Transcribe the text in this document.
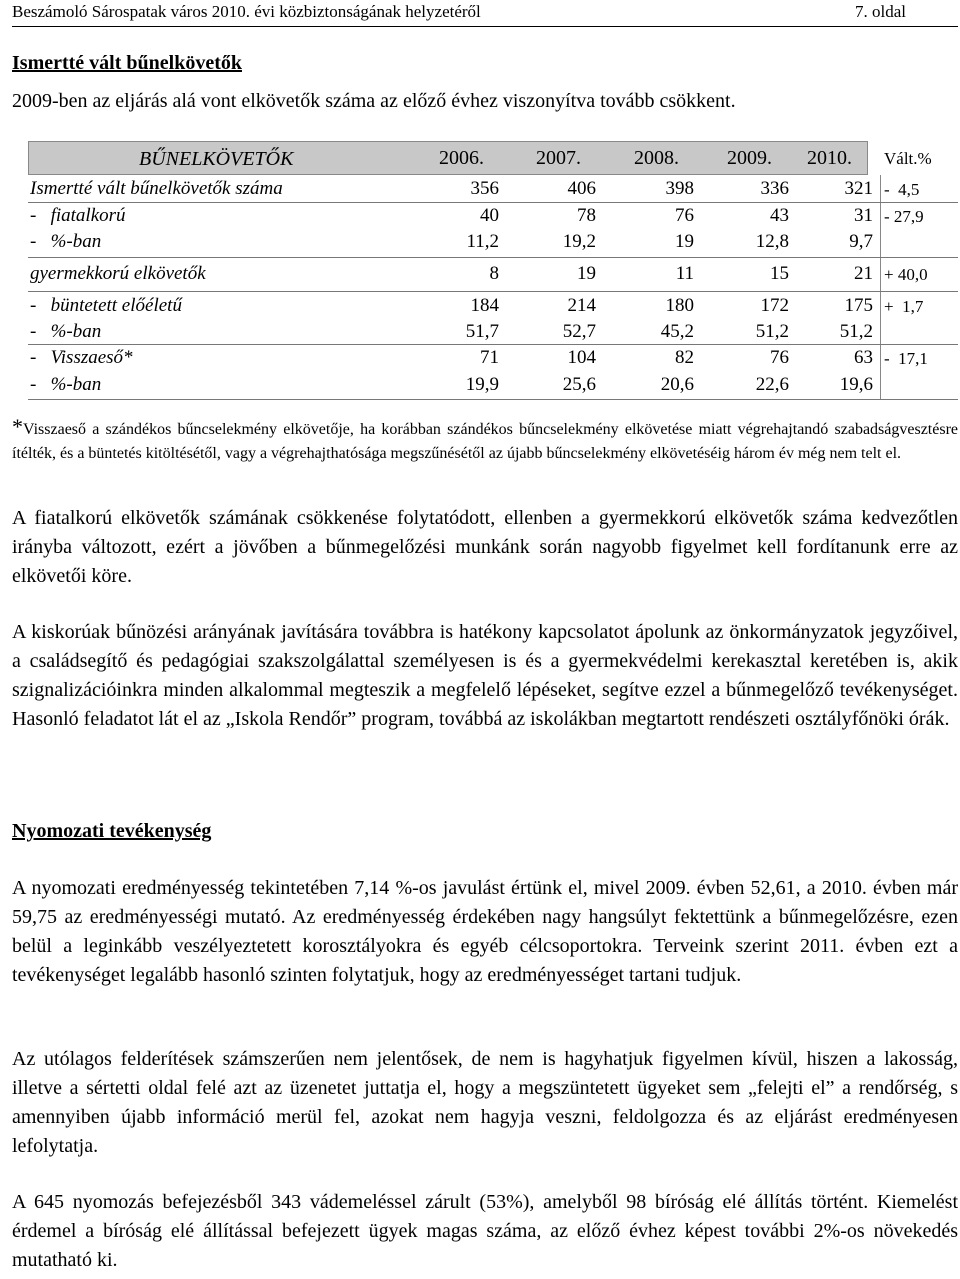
Beszámoló Sárospatak város 2010. évi közbiztonságának helyzetéről	7. oldal
Ismertté vált bűnelkövetők
2009-ben az eljárás alá vont elkövetők száma az előző évhez viszonyítva tovább csökkent.
BŰNELKÖVETŐK	2006.	2007.	2008. 2009. 2010. Vált.%
Ismertté vált bűnelkövetők száma	356	406	398	336	321 -  4,5
-   fiatalkorú	40	78	76	43	31 - 27,9
-   %-ban	11,2	19,2	19	12,8	9,7
gyermekkorú elkövetők	8	19	11	15	21 + 40,0
-   büntetett előéletű	184	214	180	172	175 +  1,7
-   %-ban	51,7	52,7	45,2	51,2	51,2
-   Visszaeső*	71	104	82	76	63 -  17,1
-   %-ban	19,9	25,6	20,6	22,6	19,6
*Visszaeső a szándékos bűncselekmény elkövetője, ha korábban szándékos bűncselekmény elkövetése miatt végrehajtandó szabadságvesztésre ítélték, és a büntetés kitöltésétől, vagy a végrehajthatósága megszűnésétől az újabb bűncselekmény elkövetéséig három év még nem telt el.
A fiatalkorú elkövetők számának csökkenése folytatódott, ellenben a gyermekkorú elkövetők száma kedvezőtlen irányba változott, ezért a jövőben a bűnmegelőzési munkánk során nagyobb figyelmet kell fordítanunk erre az elkövetői köre.
A kiskorúak bűnözési arányának javítására továbbra is hatékony kapcsolatot ápolunk az önkormányzatok jegyzőivel, a családsegítő és pedagógiai szakszolgálattal személyesen is és a gyermekvédelmi kerekasztal keretében is, akik szignalizációinkra minden alkalommal megteszik a megfelelő lépéseket, segítve ezzel a bűnmegelőző tevékenységet. Hasonló feladatot lát el az „Iskola Rendőr” program, továbbá az iskolákban megtartott rendészeti osztályfőnöki órák.
Nyomozati tevékenység
A nyomozati eredményesség tekintetében 7,14 %-os javulást értünk el, mivel 2009. évben 52,61, a 2010. évben már 59,75 az eredményességi mutató. Az eredményesség érdekében nagy hangsúlyt fektettünk a bűnmegelőzésre, ezen belül a leginkább veszélyeztetett korosztályokra és egyéb célcsoportokra. Terveink szerint 2011. évben ezt a tevékenységet legalább hasonló szinten folytatjuk, hogy az eredményességet tartani tudjuk.
Az utólagos felderítések számszerűen nem jelentősek, de nem is hagyhatjuk figyelmen kívül, hiszen a lakosság, illetve a sértetti oldal felé azt az üzenetet juttatja el, hogy a megszüntetett ügyeket sem „felejti el” a rendőrség, s amennyiben újabb információ merül fel, azokat nem hagyja veszni, feldolgozza és az eljárást eredményesen lefolytatja.
A 645 nyomozás befejezésből 343 vádemeléssel zárult (53%), amelyből 98 bíróság elé állítás történt. Kiemelést érdemel a bíróság elé állítással befejezett ügyek magas száma, az előző évhez képest további 2%-os növekedés mutatható ki.
